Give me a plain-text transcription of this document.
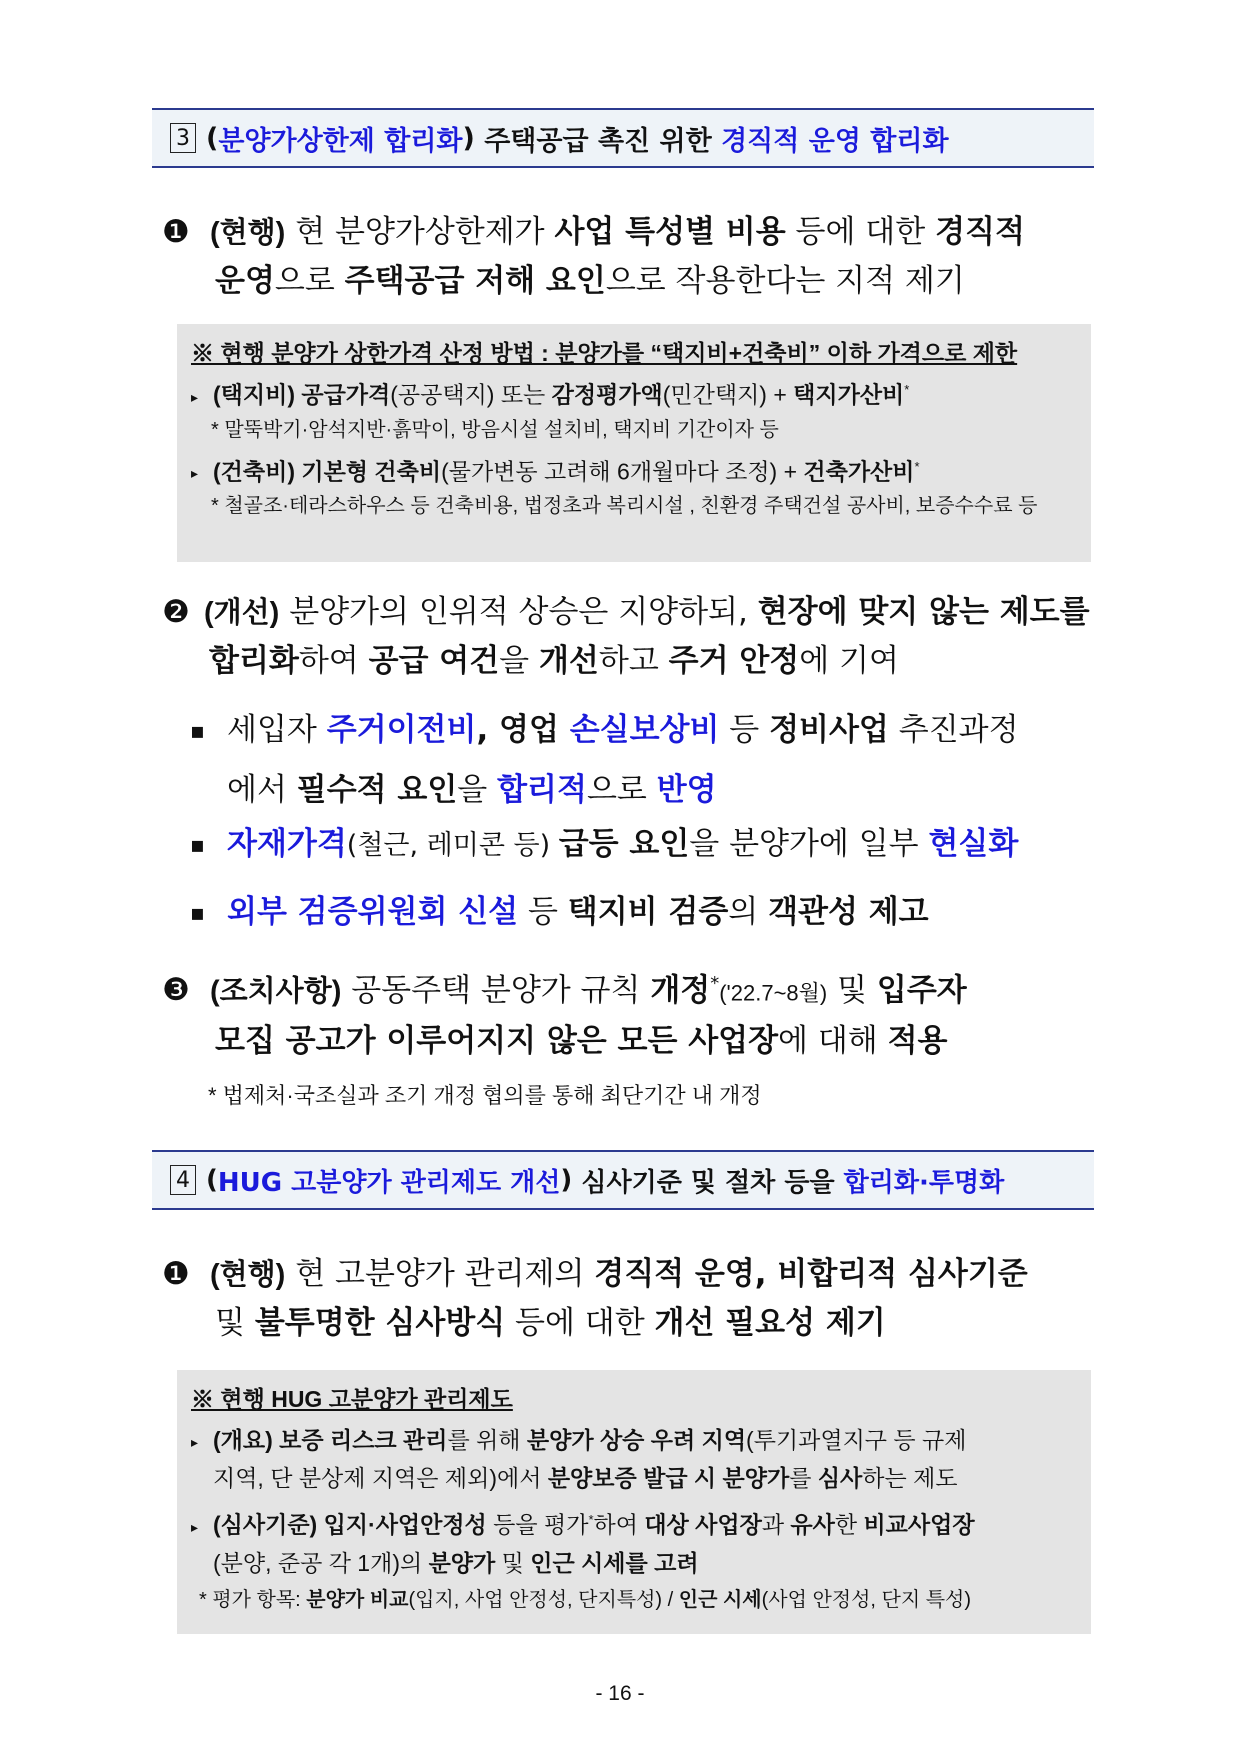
3 ( 분양가상한제 합리화 ) 주택공급 촉진 위한 경직적 운영 합리화
❶ (현행) 현 분양가상한제가 사업 특성별 비용 등에 대한 경직적
운영으로 주택공급 저해 요인으로 작용한다는 지적 제기
※ 현행 분양가 상한가격 산정 방법 : 분양가를 “택지비+건축비” 이하 가격으로 제한
▸ (택지비) 공급가격(공공택지) 또는 감정평가액(민간택지) + 택지가산비*
* 말뚝박기·암석지반·흙막이, 방음시설 설치비, 택지비 기간이자 등
▸ (건축비) 기본형 건축비(물가변동 고려해 6개월마다 조정) + 건축가산비*
* 철골조·테라스하우스 등 건축비용, 법정초과 복리시설 , 친환경 주택건설 공사비, 보증수수료 등
❷ (개선) 분양가의 인위적 상승은 지양하되, 현장에 맞지 않는 제도를
합리화하여 공급 여건을 개선하고 주거 안정에 기여
▪ 세입자 주거이전비, 영업 손실보상비 등 정비사업 추진과정
에서 필수적 요인을 합리적으로 반영
▪ 자재가격(철근, 레미콘 등) 급등 요인을 분양가에 일부 현실화
▪ 외부 검증위원회 신설 등 택지비 검증의 객관성 제고
❸ (조치사항) 공동주택 분양가 규칙 개정*('22.7~8월) 및 입주자
모집 공고가 이루어지지 않은 모든 사업장에 대해 적용
* 법제처·국조실과 조기 개정 협의를 통해 최단기간 내 개정
4 ( HUG 고분양가 관리제도 개선 ) 심사기준 및 절차 등을 합리화·투명화
❶ (현행) 현 고분양가 관리제의 경직적 운영, 비합리적 심사기준
및 불투명한 심사방식 등에 대한 개선 필요성 제기
※ 현행 HUG 고분양가 관리제도
▸ (개요) 보증 리스크 관리를 위해 분양가 상승 우려 지역(투기과열지구 등 규제
지역, 단 분상제 지역은 제외)에서 분양보증 발급 시 분양가를 심사하는 제도
▸ (심사기준) 입지·사업안정성 등을 평가*하여 대상 사업장과 유사한 비교사업장
(분양, 준공 각 1개)의 분양가 및 인근 시세를 고려
* 평가 항목: 분양가 비교(입지, 사업 안정성, 단지특성) / 인근 시세(사업 안정성, 단지 특성)
- 16 -
